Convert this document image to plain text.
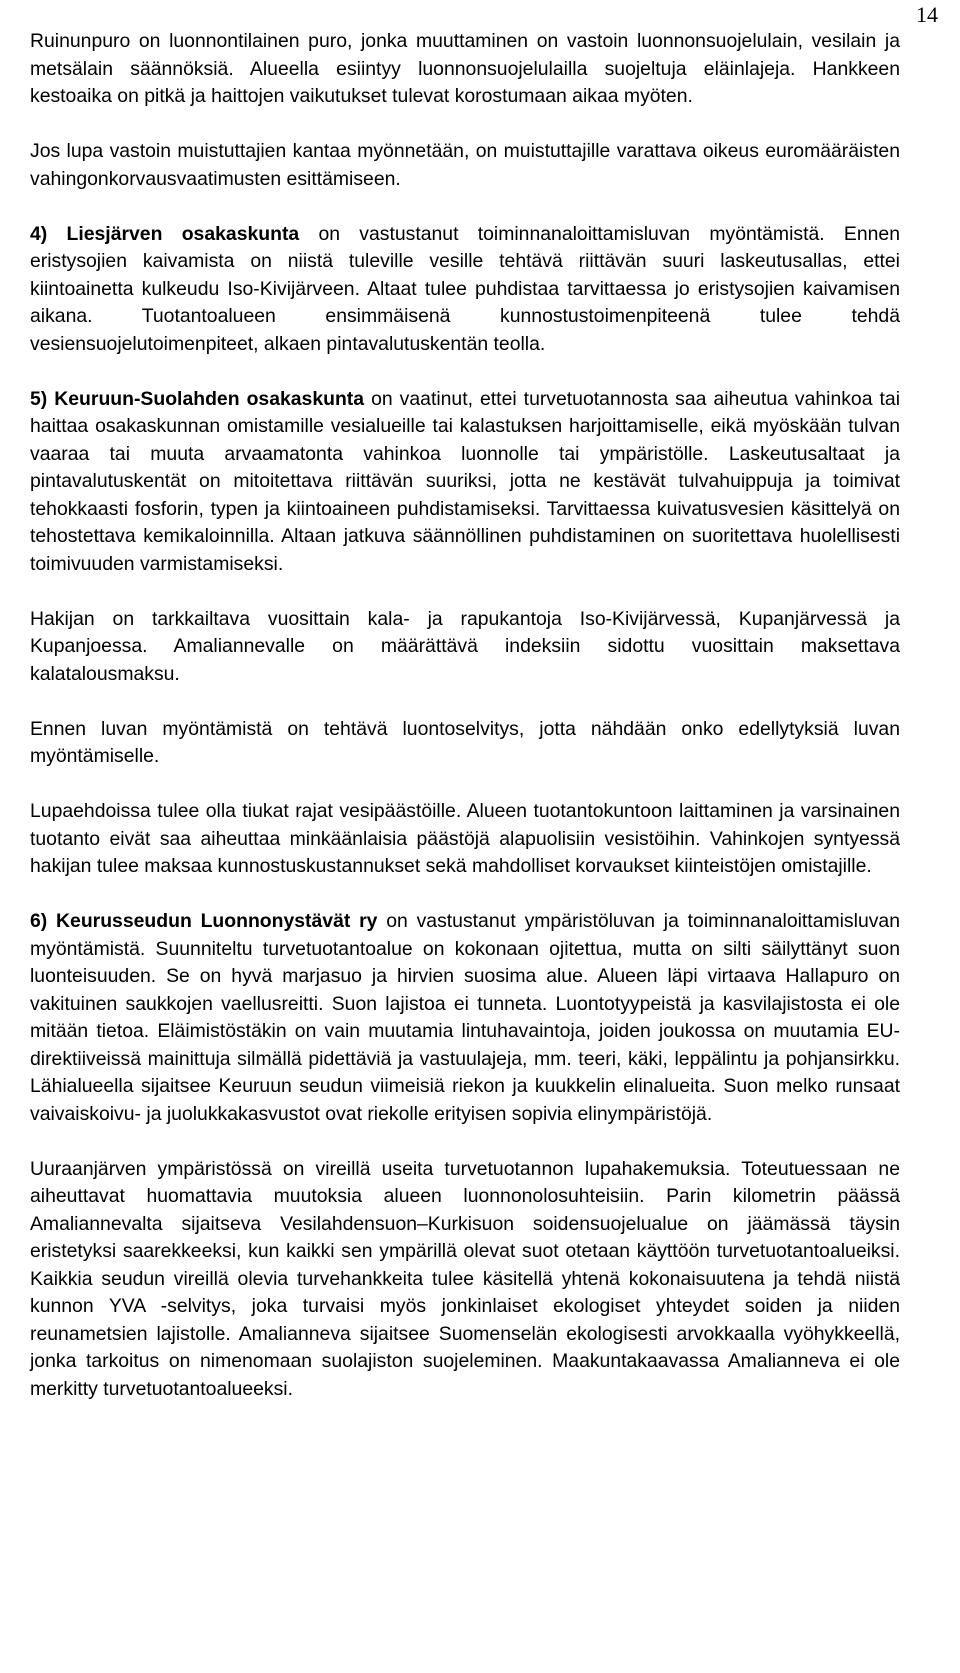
14

Ruinunpuro on luonnontilainen puro, jonka muuttaminen on vastoin luonnonsuojelulain, vesilain ja metsälain säännöksiä. Alueella esiintyy luonnonsuojelulailla suojeltuja eläinlajeja. Hankkeen kestoaika on pitkä ja haittojen vaikutukset tulevat korostumaan aikaa myöten.

Jos lupa vastoin muistuttajien kantaa myönnetään, on muistuttajille varattava oikeus euromääräisten vahingonkorvausvaatimusten esittämiseen.

4) Liesjärven osakaskunta on vastustanut toiminnanaloittamisluvan myöntämistä. Ennen eristysojien kaivamista on niistä tuleville vesille tehtävä riittävän suuri laskeutusallas, ettei kiintoainetta kulkeudu Iso-Kivijärveen. Altaat tulee puhdistaa tarvittaessa jo eristysojien kaivamisen aikana. Tuotantoalueen ensimmäisenä kunnostustoimenpiteenä tulee tehdä vesiensuojelutoimenpiteet, alkaen pintavalutuskentän teolla.

5) Keuruun-Suolahden osakaskunta on vaatinut, ettei turvetuotannosta saa aiheutua vahinkoa tai haittaa osakaskunnan omistamille vesialueille tai kalastuksen harjoittamiselle, eikä myöskään tulvan vaaraa tai muuta arvaamatonta vahinkoa luonnolle tai ympäristölle. Laskeutusaltaat ja pintavalutuskentät on mitoitettava riittävän suuriksi, jotta ne kestävät tulvahuippuja ja toimivat tehokkaasti fosforin, typen ja kiintoaineen puhdistamiseksi. Tarvittaessa kuivatusvesien käsittelyä on tehostettava kemikaloinnilla. Altaan jatkuva säännöllinen puhdistaminen on suoritettava huolellisesti toimivuuden varmistamiseksi.

Hakijan on tarkkailtava vuosittain kala- ja rapukantoja Iso-Kivijärvessä, Kupanjärvessä ja Kupanjoessa. Amaliannevalle on määrättävä indeksiin sidottu vuosittain maksettava kalatalousmaksu.

Ennen luvan myöntämistä on tehtävä luontoselvitys, jotta nähdään onko edellytyksiä luvan myöntämiselle.

Lupaehdoissa tulee olla tiukat rajat vesipäästöille. Alueen tuotantokuntoon laittaminen ja varsinainen tuotanto eivät saa aiheuttaa minkäänlaisia päästöjä alapuolisiin vesistöihin. Vahinkojen syntyessä hakijan tulee maksaa kunnostuskustannukset sekä mahdolliset korvaukset kiinteistöjen omistajille.

6) Keurusseudun Luonnonystävät ry on vastustanut ympäristöluvan ja toiminnanaloittamisluvan myöntämistä. Suunniteltu turvetuotantoalue on kokonaan ojitettua, mutta on silti säilyttänyt suon luonteisuuden. Se on hyvä marjasuo ja hirvien suosima alue. Alueen läpi virtaava Hallapuro on vakituinen saukkojen vaellusreitti. Suon lajistoa ei tunneta. Luontotyypeistä ja kasvilajistosta ei ole mitään tietoa. Eläimistöstäkin on vain muutamia lintuhavaintoja, joiden joukossa on muutamia EU-direktiiveissä mainittuja silmällä pidettäviä ja vastuulajeja, mm. teeri, käki, leppälintu ja pohjansirkku. Lähialueella sijaitsee Keuruun seudun viimeisiä riekon ja kuukkelin elinalueita. Suon melko runsaat vaivaiskoivu- ja juolukkakasvustot ovat riekolle erityisen sopivia elinympäristöjä.

Uuraanjärven ympäristössä on vireillä useita turvetuotannon lupahakemuksia. Toteutuessaan ne aiheuttavat huomattavia muutoksia alueen luonnonolosuhteisiin. Parin kilometrin päässä Amaliannevalta sijaitseva Vesilahdensuon–Kurkisuon soidensuojelualue on jäämässä täysin eristetyksi saarekkeeksi, kun kaikki sen ympärillä olevat suot otetaan käyttöön turvetuotantoalueiksi. Kaikkia seudun vireillä olevia turvehankkeita tulee käsitellä yhtenä kokonaisuutena ja tehdä niistä kunnon YVA -selvitys, joka turvaisi myös jonkinlaiset ekologiset yhteydet soiden ja niiden reunametsien lajistolle. Amalianneva sijaitsee Suomenselän ekologisesti arvokkaalla vyöhykkeellä, jonka tarkoitus on nimenomaan suolajiston suojeleminen. Maakuntakaavassa Amalianneva ei ole merkitty turvetuotantoalueeksi.
